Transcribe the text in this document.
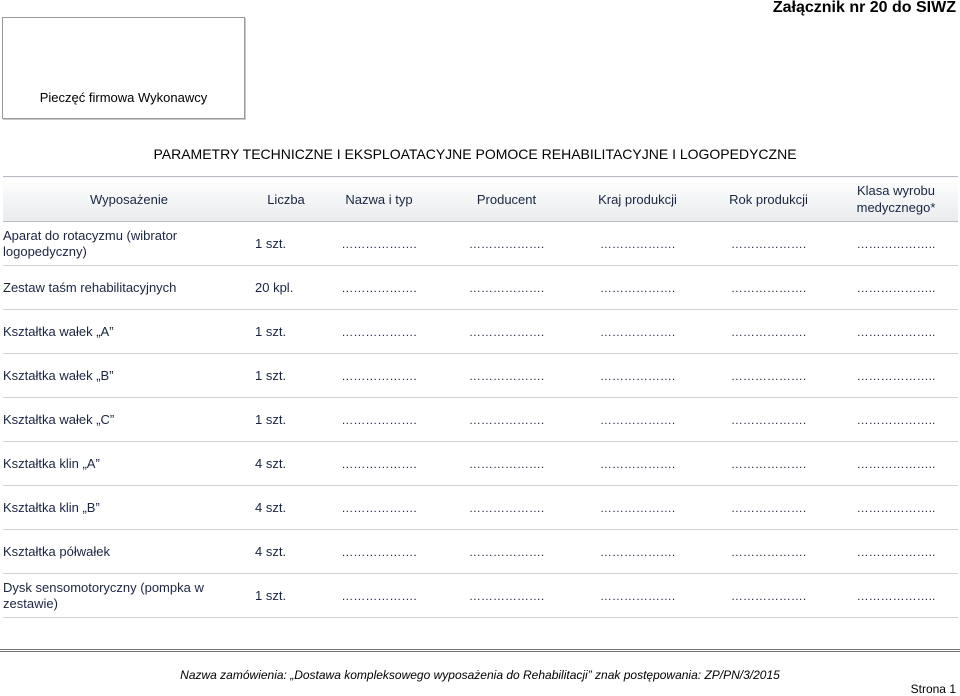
Załącznik nr 20 do SIWZ
Pieczęć firmowa Wykonawcy
PARAMETRY TECHNICZNE I EKSPLOATACYJNE POMOCE REHABILITACYJNE I LOGOPEDYCZNE
Wyposażenie	Liczba	Nazwa i typ	Producent	Kraj produkcji	Rok produkcji	Klasa wyrobu medycznego*
Aparat do rotacyzmu (wibrator logopedyczny)	1 szt.	……………….	……………….	……………….	……………….	………………..
Zestaw taśm rehabilitacyjnych	20 kpl.	……………….	……………….	……………….	……………….	………………..
Kształtka wałek „A”	1 szt.	……………….	……………….	……………….	……………….	………………..
Kształtka wałek „B”	1 szt.	……………….	……………….	……………….	……………….	………………..
Kształtka wałek „C”	1 szt.	……………….	……………….	……………….	……………….	………………..
Kształtka klin „A”	4 szt.	……………….	……………….	……………….	……………….	………………..
Kształtka klin „B”	4 szt.	……………….	……………….	……………….	……………….	………………..
Kształtka półwałek	4 szt.	……………….	……………….	……………….	……………….	………………..
Dysk sensomotoryczny (pompka w zestawie)	1 szt.	……………….	……………….	……………….	……………….	………………..
Nazwa zamówienia: „Dostawa kompleksowego wyposażenia do Rehabilitacji” znak postępowania: ZP/PN/3/2015
Strona 1
